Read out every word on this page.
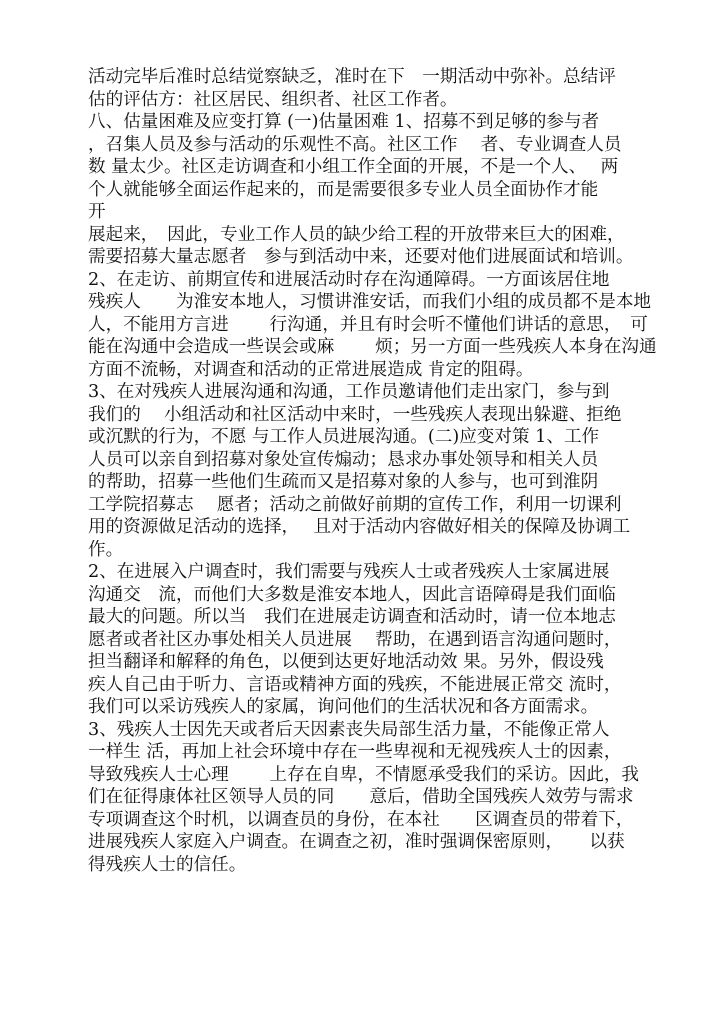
活动完毕后准时总结觉察缺乏，准时在下　一期活动中弥补。总结评
估的评估方：社区居民、组织者、社区工作者。
八、估量困难及应变打算 (一)估量困难 1、招募不到足够的参与者
，召集人员及参与活动的乐观性不高。社区工作　 者、专业调查人员
数 量太少。社区走访调查和小组工作全面的开展，不是一个人、　 两
个人就能够全面运作起来的，而是需要很多专业人员全面协作才能
开
展起来，　因此，专业工作人员的缺少给工程的开放带来巨大的困难，
需要招募大量志愿者　参与到活动中来，还要对他们进展面试和培训。
2、在走访、前期宣传和进展活动时存在沟通障碍。一方面该居住地
残疾人　　为淮安本地人，习惯讲淮安话，而我们小组的成员都不是本地
人，不能用方言进　　 行沟通，并且有时会听不懂他们讲话的意思，　可
能在沟通中会造成一些误会或麻　　 烦；另一方面一些残疾人本身在沟通
方面不流畅，对调查和活动的正常进展造成 肯定的阻碍。
3、在对残疾人进展沟通和沟通，工作员邀请他们走出家门，参与到
我们的　 小组活动和社区活动中来时，一些残疾人表现出躲避、拒绝
或沉默的行为，不愿 与工作人员进展沟通。(二)应变对策 1、工作
人员可以亲自到招募对象处宣传煽动；恳求办事处领导和相关人员
的帮助，招募一些他们生疏而又是招募对象的人参与，也可到淮阴
工学院招募志　 愿者；活动之前做好前期的宣传工作，利用一切课利
用的资源做足活动的选择，　 且对于活动内容做好相关的保障及协调工
作。
2、在进展入户调查时，我们需要与残疾人士或者残疾人士家属进展
沟通交　流，而他们大多数是淮安本地人，因此言语障碍是我们面临
最大的问题。所以当　我们在进展走访调查和活动时，请一位本地志
愿者或者社区办事处相关人员进展　 帮助，在遇到语言沟通问题时，
担当翻译和解释的角色，以便到达更好地活动效 果。另外，假设残
疾人自己由于听力、言语或精神方面的残疾，不能进展正常交 流时，
我们可以采访残疾人的家属，询问他们的生活状况和各方面需求。
3、残疾人士因先天或者后天因素丧失局部生活力量，不能像正常人
一样生 活，再加上社会环境中存在一些卑视和无视残疾人士的因素，
导致残疾人士心理　　 上存在自卑，不情愿承受我们的采访。因此，我
们在征得康体社区领导人员的同　　意后，借助全国残疾人效劳与需求
专项调查这个时机，以调查员的身份，在本社　　区调查员的带着下，
进展残疾人家庭入户调查。在调查之初，准时强调保密原则，　　以获
得残疾人士的信任。
